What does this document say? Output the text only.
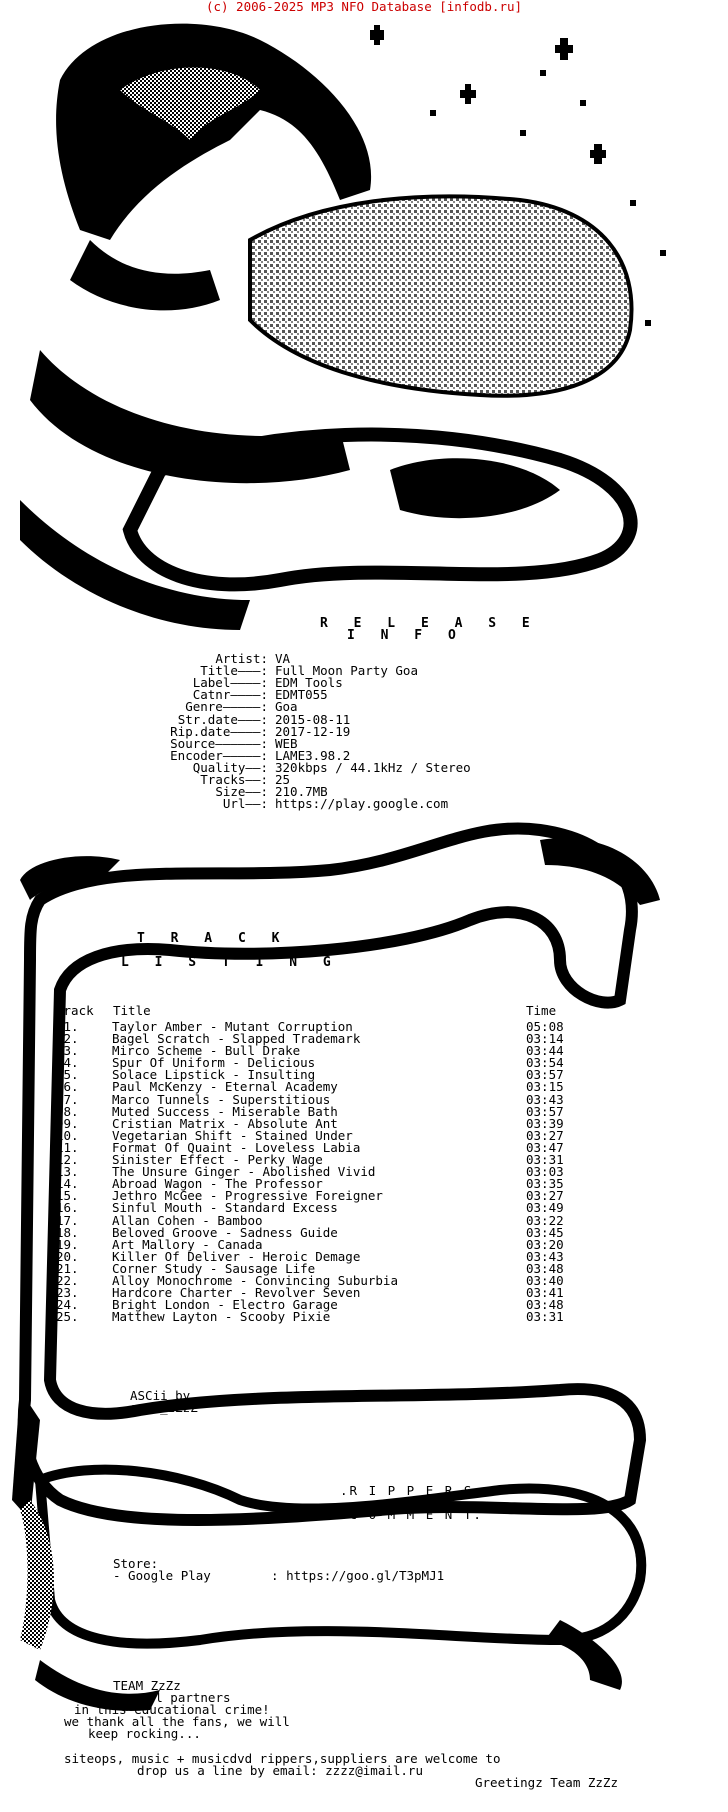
(c) 2006-2025 MP3 NFO Database [infodb.ru]
R E L E A S E
I N F O
Artist: VA
Title———: Full Moon Party Goa
Label————: EDM Tools
Catnr————: EDMT055
Genre—————: Goa
Str.date———: 2015-08-11
Rip.date————: 2017-12-19
Source——————: WEB
Encoder—————: LAME3.98.2
Quality——: 320kbps / 44.1kHz / Stereo
Tracks——: 25
Size——: 210.7MB
Url——: https://play.google.com
T R A C K
L I S T I N G
Track Title	Time
01.	Taylor Amber - Mutant Corruption	05:08
02.	Bagel Scratch - Slapped Trademark	03:14
03.	Mirco Scheme - Bull Drake	03:44
04.	Spur Of Uniform - Delicious	03:54
05.	Solace Lipstick - Insulting	03:57
06.	Paul McKenzy - Eternal Academy	03:15
07.	Marco Tunnels - Superstitious	03:43
08.	Muted Success - Miserable Bath	03:57
09.	Cristian Matrix - Absolute Ant	03:39
10.	Vegetarian Shift - Stained Under	03:27
11.	Format Of Quaint - Loveless Labia	03:47
12.	Sinister Effect - Perky Wage	03:31
13.	The Unsure Ginger - Abolished Vivid	03:03
14.	Abroad Wagon - The Professor	03:35
15.	Jethro McGee - Progressive Foreigner	03:27
16.	Sinful Mouth - Standard Excess	03:49
17.	Allan Cohen - Bamboo	03:22
18.	Beloved Groove - Sadness Guide	03:45
19.	Art Mallory - Canada	03:20
20.	Killer Of Deliver - Heroic Demage	03:43
21.	Corner Study - Sausage Life	03:48
22.	Alloy Monochrome - Convincing Suburbia	03:40
23.	Hardcore Charter - Revolver Seven	03:41
24.	Bright London - Electro Garage	03:48
25.	Matthew Layton - Scooby Pixie	03:31
ASCii by
gonz_zZzZ
.R I P P E R S.
.C O M M E N T.
Store:
- Google Play        : https://goo.gl/T3pMJ1
TEAM ZzZz
salutes all partners
in this educational crime!
we thank all the fans, we will
keep rocking...
siteops, music + musicdvd rippers,suppliers are welcome to
drop us a line by email: zzzz@imail.ru
Greetingz Team ZzZz
